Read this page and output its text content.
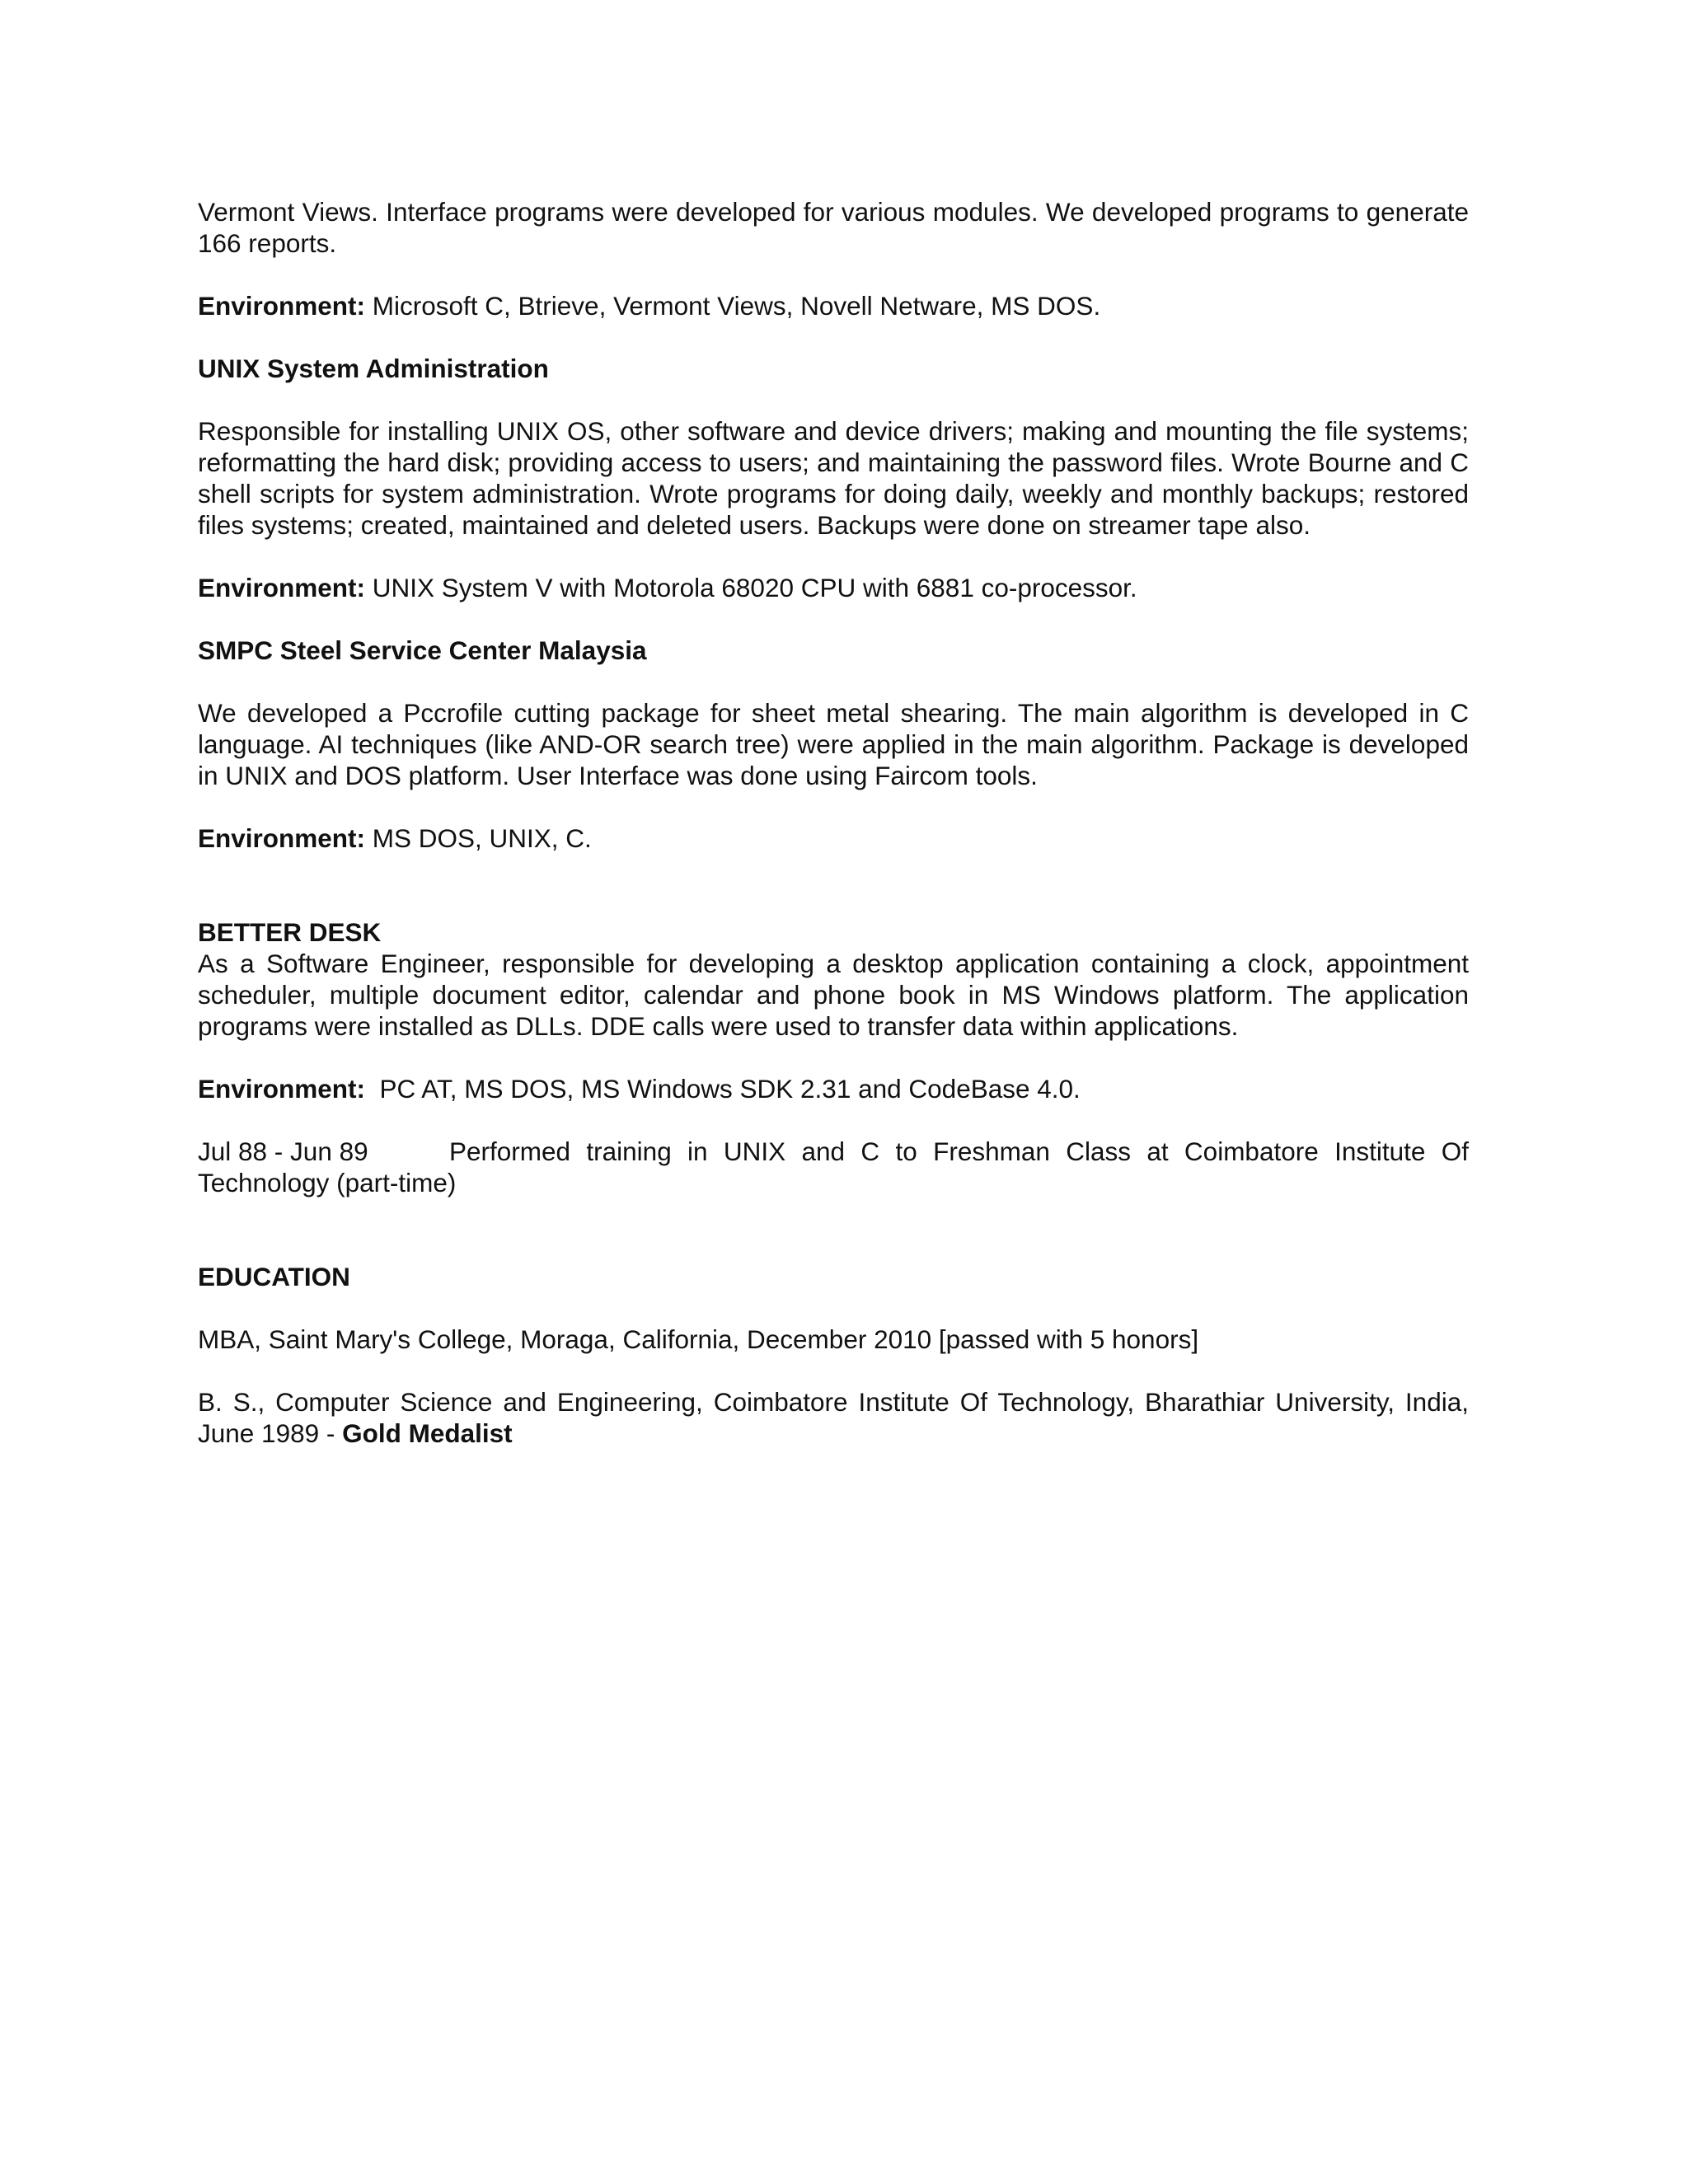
Vermont Views. Interface programs were developed for various modules. We developed programs to generate 166 reports.

Environment: Microsoft C, Btrieve, Vermont Views, Novell Netware, MS DOS.

UNIX System Administration

Responsible for installing UNIX OS, other software and device drivers; making and mounting the file systems; reformatting the hard disk; providing access to users; and maintaining the password files. Wrote Bourne and C shell scripts for system administration. Wrote programs for doing daily, weekly and monthly backups; restored files systems; created, maintained and deleted users. Backups were done on streamer tape also.

Environment: UNIX System V with Motorola 68020 CPU with 6881 co-processor.

SMPC Steel Service Center Malaysia

We developed a Pccrofile cutting package for sheet metal shearing. The main algorithm is developed in C language. AI techniques (like AND-OR search tree) were applied in the main algorithm. Package is developed in UNIX and DOS platform. User Interface was done using Faircom tools.

Environment: MS DOS, UNIX, C.

BETTER DESK

As a Software Engineer, responsible for developing a desktop application containing a clock, appointment scheduler, multiple document editor, calendar and phone book in MS Windows platform. The application programs were installed as DLLs. DDE calls were used to transfer data within applications.

Environment:  PC AT, MS DOS, MS Windows SDK 2.31 and CodeBase 4.0.

Jul 88 - Jun 89	Performed training in UNIX and C to Freshman Class at Coimbatore Institute Of Technology (part-time)

EDUCATION

MBA, Saint Mary's College, Moraga, California, December 2010 [passed with 5 honors]

B. S., Computer Science and Engineering, Coimbatore Institute Of Technology, Bharathiar University, India, June 1989 - Gold Medalist
